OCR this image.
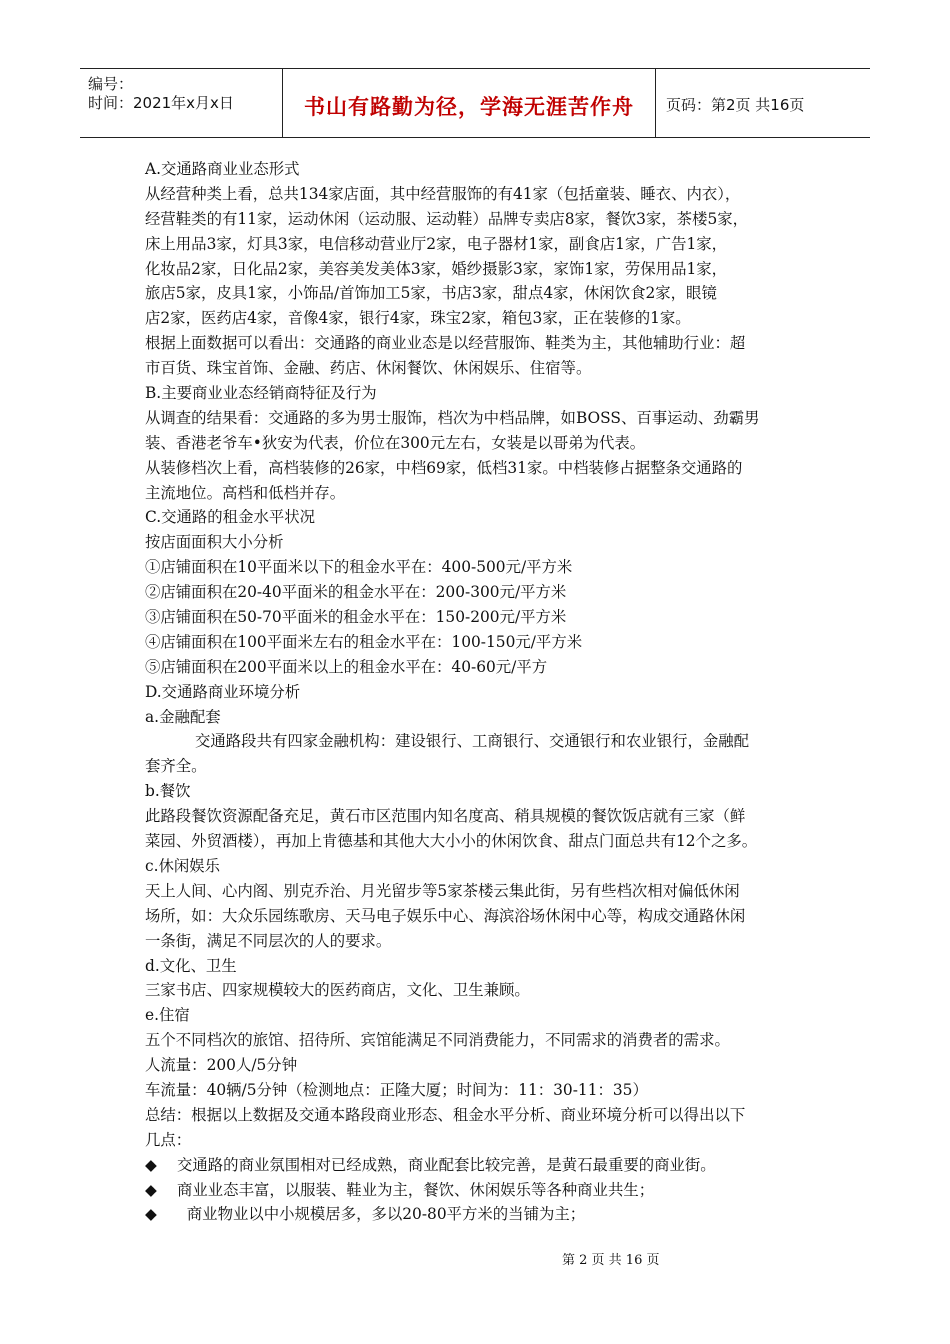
编号：
时间：2021年x月x日	书山有路勤为径，学海无涯苦作舟	页码：第2页 共16页
A.交通路商业业态形式
从经营种类上看，总共134家店面，其中经营服饰的有41家（包括童装、睡衣、内衣），
经营鞋类的有11家，运动休闲（运动服、运动鞋）品牌专卖店8家，餐饮3家，茶楼5家，
床上用品3家，灯具3家，电信移动营业厅2家，电子器材1家，副食店1家，广告1家，
化妆品2家，日化品2家，美容美发美体3家，婚纱摄影3家，家饰1家，劳保用品1家，
旅店5家，皮具1家，小饰品/首饰加工5家，书店3家，甜点4家，休闲饮食2家，眼镜
店2家，医药店4家，音像4家，银行4家，珠宝2家，箱包3家，正在装修的1家。
根据上面数据可以看出：交通路的商业业态是以经营服饰、鞋类为主，其他辅助行业：超
市百货、珠宝首饰、金融、药店、休闲餐饮、休闲娱乐、住宿等。
B.主要商业业态经销商特征及行为
从调查的结果看：交通路的多为男士服饰，档次为中档品牌，如BOSS、百事运动、劲霸男
装、香港老爷车•狄安为代表，价位在300元左右，女装是以哥弟为代表。
从装修档次上看，高档装修的26家，中档69家，低档31家。中档装修占据整条交通路的
主流地位。高档和低档并存。
C.交通路的租金水平状况
按店面面积大小分析
①店铺面积在10平面米以下的租金水平在：400-500元/平方米
②店铺面积在20-40平面米的租金水平在：200-300元/平方米
③店铺面积在50-70平面米的租金水平在：150-200元/平方米
④店铺面积在100平面米左右的租金水平在：100-150元/平方米
⑤店铺面积在200平面米以上的租金水平在：40-60元/平方
D.交通路商业环境分析
a.金融配套
交通路段共有四家金融机构：建设银行、工商银行、交通银行和农业银行，金融配
套齐全。
b.餐饮
此路段餐饮资源配备充足，黄石市区范围内知名度高、稍具规模的餐饮饭店就有三家（鲜
菜园、外贸酒楼），再加上肯德基和其他大大小小的休闲饮食、甜点门面总共有12个之多。
c.休闲娱乐
天上人间、心内阁、别克乔治、月光留步等5家茶楼云集此街，另有些档次相对偏低休闲
场所，如：大众乐园练歌房、天马电子娱乐中心、海滨浴场休闲中心等，构成交通路休闲
一条街，满足不同层次的人的要求。
d.文化、卫生
三家书店、四家规模较大的医药商店，文化、卫生兼顾。
e.住宿
五个不同档次的旅馆、招待所、宾馆能满足不同消费能力，不同需求的消费者的需求。
人流量：200人/5分钟
车流量：40辆/5分钟（检测地点：正隆大厦；时间为：11：30-11：35）
总结：根据以上数据及交通本路段商业形态、租金水平分析、商业环境分析可以得出以下
几点：
◆ 交通路的商业氛围相对已经成熟，商业配套比较完善，是黄石最重要的商业街。
◆ 商业业态丰富，以服装、鞋业为主，餐饮、休闲娱乐等各种商业共生；
◆  商业物业以中小规模居多，多以20-80平方米的当铺为主；
第 2 页 共 16 页
